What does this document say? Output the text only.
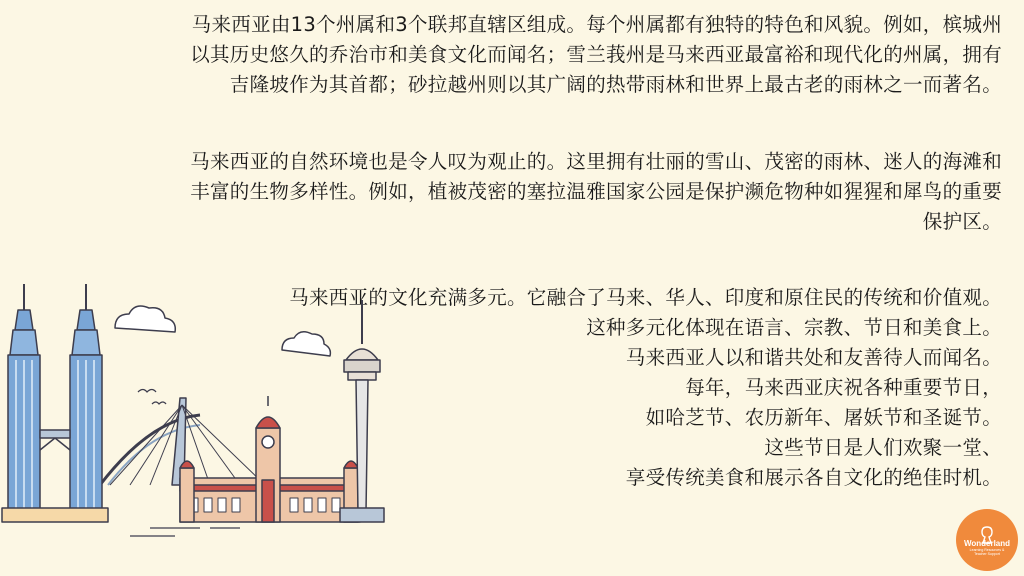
马来西亚由13个州属和3个联邦直辖区组成。每个州属都有独特的特色和风貌。例如，槟城州
以其历史悠久的乔治市和美食文化而闻名；雪兰莪州是马来西亚最富裕和现代化的州属，拥有
吉隆坡作为其首都；砂拉越州则以其广阔的热带雨林和世界上最古老的雨林之一而著名。
马来西亚的自然环境也是令人叹为观止的。这里拥有壮丽的雪山、茂密的雨林、迷人的海滩和
丰富的生物多样性。例如，植被茂密的塞拉温雅国家公园是保护濒危物种如猩猩和犀鸟的重要
保护区。
马来西亚的文化充满多元。它融合了马来、华人、印度和原住民的传统和价值观。
这种多元化体现在语言、宗教、节日和美食上。
马来西亚人以和谐共处和友善待人而闻名。
每年，马来西亚庆祝各种重要节日，
如哈芝节、农历新年、屠妖节和圣诞节。
这些节日是人们欢聚一堂、
享受传统美食和展示各自文化的绝佳时机。
Wonderland
Learning Resources & Teacher Support
